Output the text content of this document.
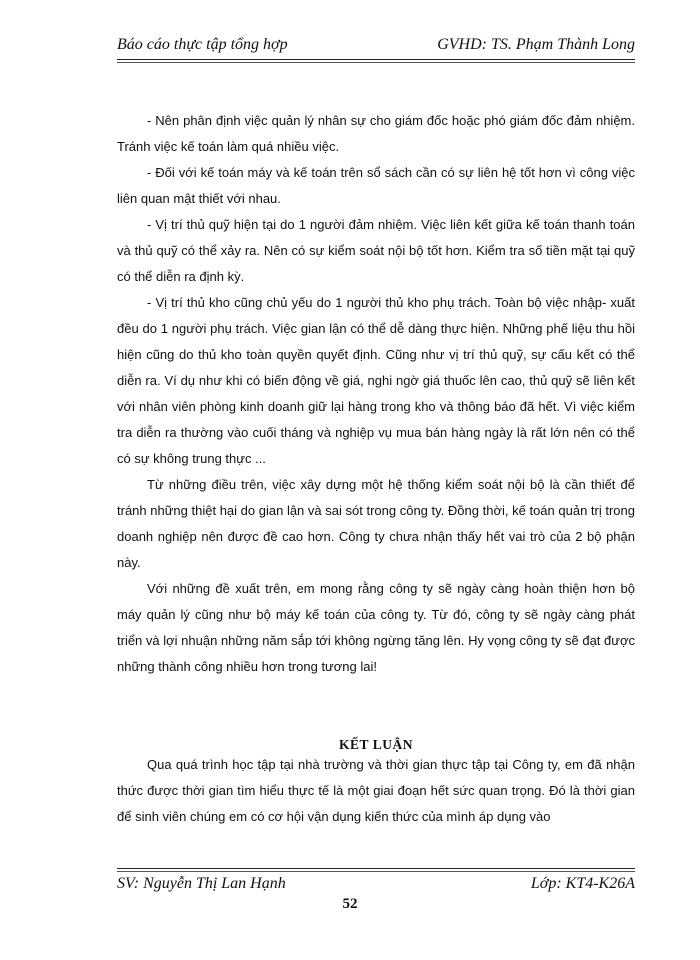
Báo cáo thực tập tổng hợp	GVHD: TS. Phạm Thành Long

- Nên phân định việc quản lý nhân sự cho giám đốc hoặc phó giám đốc đảm nhiệm. Tránh việc kế toán làm quá nhiều việc.

- Đối với kế toán máy và kế toán trên sổ sách cần có sự liên hệ tốt hơn vì công việc liên quan mật thiết với nhau.

- Vị trí thủ quỹ hiện tại do 1 người đảm nhiệm. Việc liên kết giữa kế toán thanh toán và thủ quỹ có thể xảy ra. Nên có sự kiểm soát nội bộ tốt hơn. Kiểm tra số tiền mặt tại quỹ có thể diễn ra định kỳ.

- Vị trí thủ kho cũng chủ yếu do 1 người thủ kho phụ trách. Toàn bộ việc nhập- xuất đều do 1 người phụ trách. Việc gian lận có thể dễ dàng thực hiện. Những phế liệu thu hồi hiện cũng do thủ kho toàn quyền quyết định. Cũng như vị trí thủ quỹ, sự cấu kết có thể diễn ra. Ví dụ như khi có biến động về giá, nghi ngờ giá thuốc lên cao, thủ quỹ sẽ liên kết với nhân viên phòng kinh doanh giữ lại hàng trong kho và thông báo đã hết. Vì việc kiểm tra diễn ra thường vào cuối tháng và nghiệp vụ mua bán hàng ngày là rất lớn nên có thể có sự không trung thực ...

Từ những điều trên, việc xây dựng một hệ thống kiểm soát nội bộ là cần thiết để tránh những thiệt hại do gian lận và sai sót trong công ty. Đồng thời, kế toán quản trị trong doanh nghiệp nên được đề cao hơn. Công ty chưa nhận thấy hết vai trò của 2 bộ phận này.

Với những đề xuất trên, em mong rằng công ty sẽ ngày càng hoàn thiện hơn bộ máy quản lý cũng như bộ máy kế toán của công ty. Từ đó, công ty sẽ ngày càng phát triển và lợi nhuận những năm sắp tới không ngừng tăng lên. Hy vọng công ty sẽ đạt được những thành công nhiều hơn trong tương lai!

KẾT LUẬN

Qua quá trình học tập tại nhà trường và thời gian thực tập tại Công ty, em đã nhận thức được thời gian tìm hiểu thực tế là một giai đoạn hết sức quan trọng. Đó là thời gian để sinh viên chúng em có cơ hội vận dụng kiến thức của mình áp dụng vào

SV: Nguyễn Thị Lan Hạnh	Lớp: KT4-K26A
52
